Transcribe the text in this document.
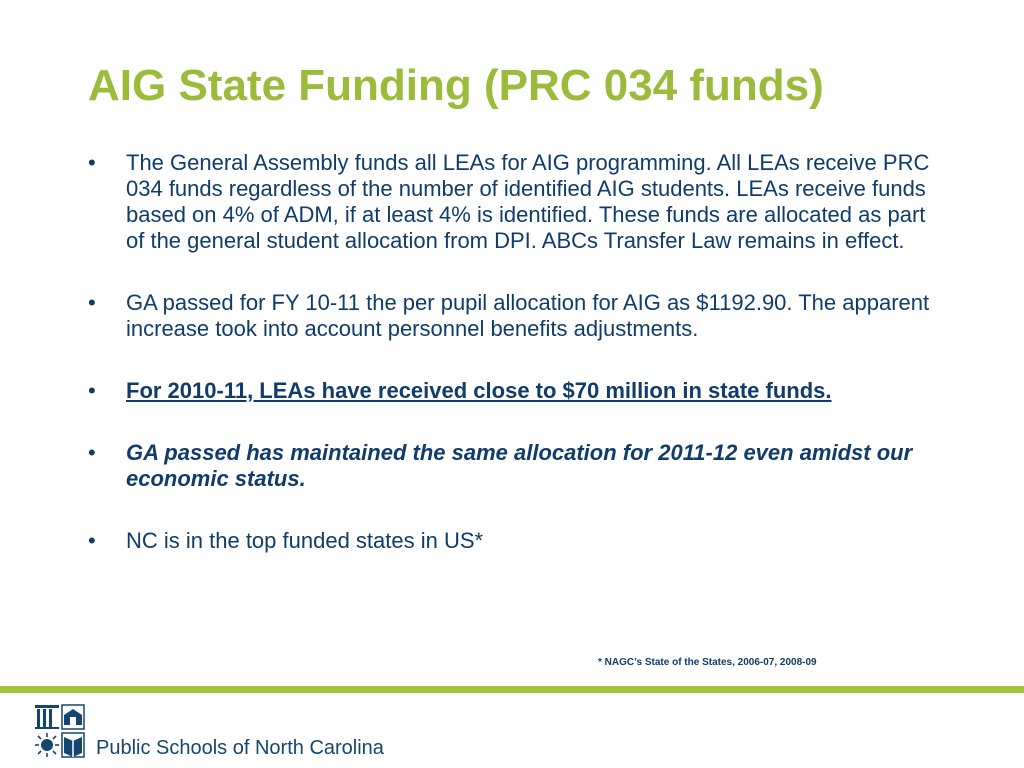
AIG State Funding (PRC 034 funds)
•	The General Assembly funds all LEAs for AIG programming. All LEAs receive PRC 034 funds regardless of the number of identified AIG students. LEAs receive funds based on 4% of ADM, if at least 4% is identified. These funds are allocated as part of the general student allocation from DPI. ABCs Transfer Law remains in effect.
•	GA passed for FY 10-11 the per pupil allocation for AIG as $1192.90. The apparent increase took into account personnel benefits adjustments.
•	For 2010-11, LEAs have received close to $70 million in state funds.
•	GA passed has maintained the same allocation for 2011-12 even amidst our economic status.
•	NC is in the top funded states in US*
* NAGC’s State of the States, 2006-07, 2008-09
Public Schools of North Carolina
